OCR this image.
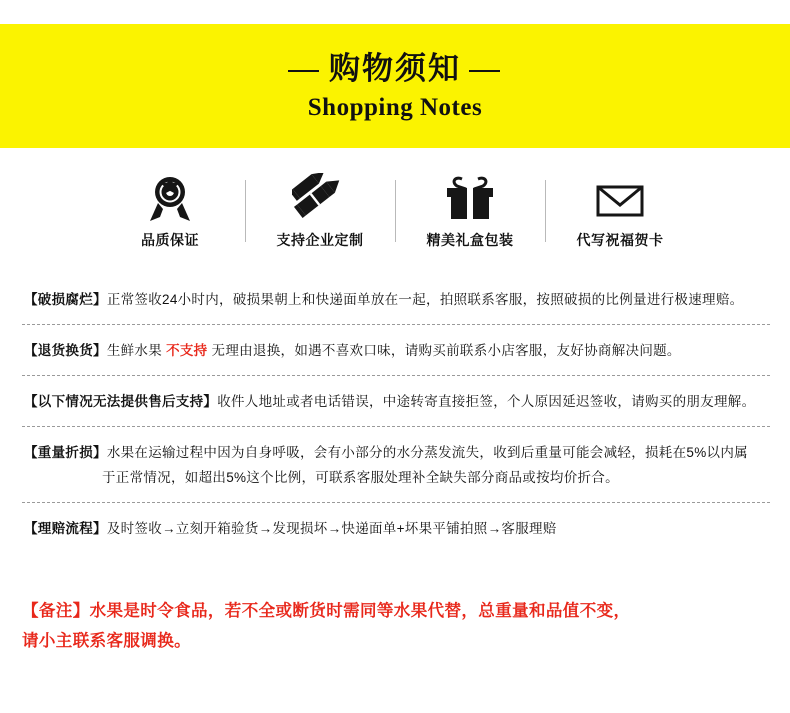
— 购物须知 —
Shopping Notes
品质保证	支持企业定制	精美礼盒包装	代写祝福贺卡
【破损腐烂】正常签收24小时内，破损果朝上和快递面单放在一起，拍照联系客服，按照破损的比例量进行极速理赔。
【退货换货】生鲜水果 不支持 无理由退换，如遇不喜欢口味，请购买前联系小店客服，友好协商解决问题。
【以下情况无法提供售后支持】收件人地址或者电话错误，中途转寄直接拒签，个人原因延迟签收，请购买的朋友理解。
【重量折损】水果在运输过程中因为自身呼吸，会有小部分的水分蒸发流失，收到后重量可能会减轻，损耗在5%以内属
于正常情况，如超出5%这个比例，可联系客服处理补全缺失部分商品或按均价折合。
【理赔流程】及时签收→立刻开箱验货→发现损坏→快递面单+坏果平铺拍照→客服理赔
【备注】水果是时令食品，若不全或断货时需同等水果代替，总重量和品值不变，
请小主联系客服调换。
